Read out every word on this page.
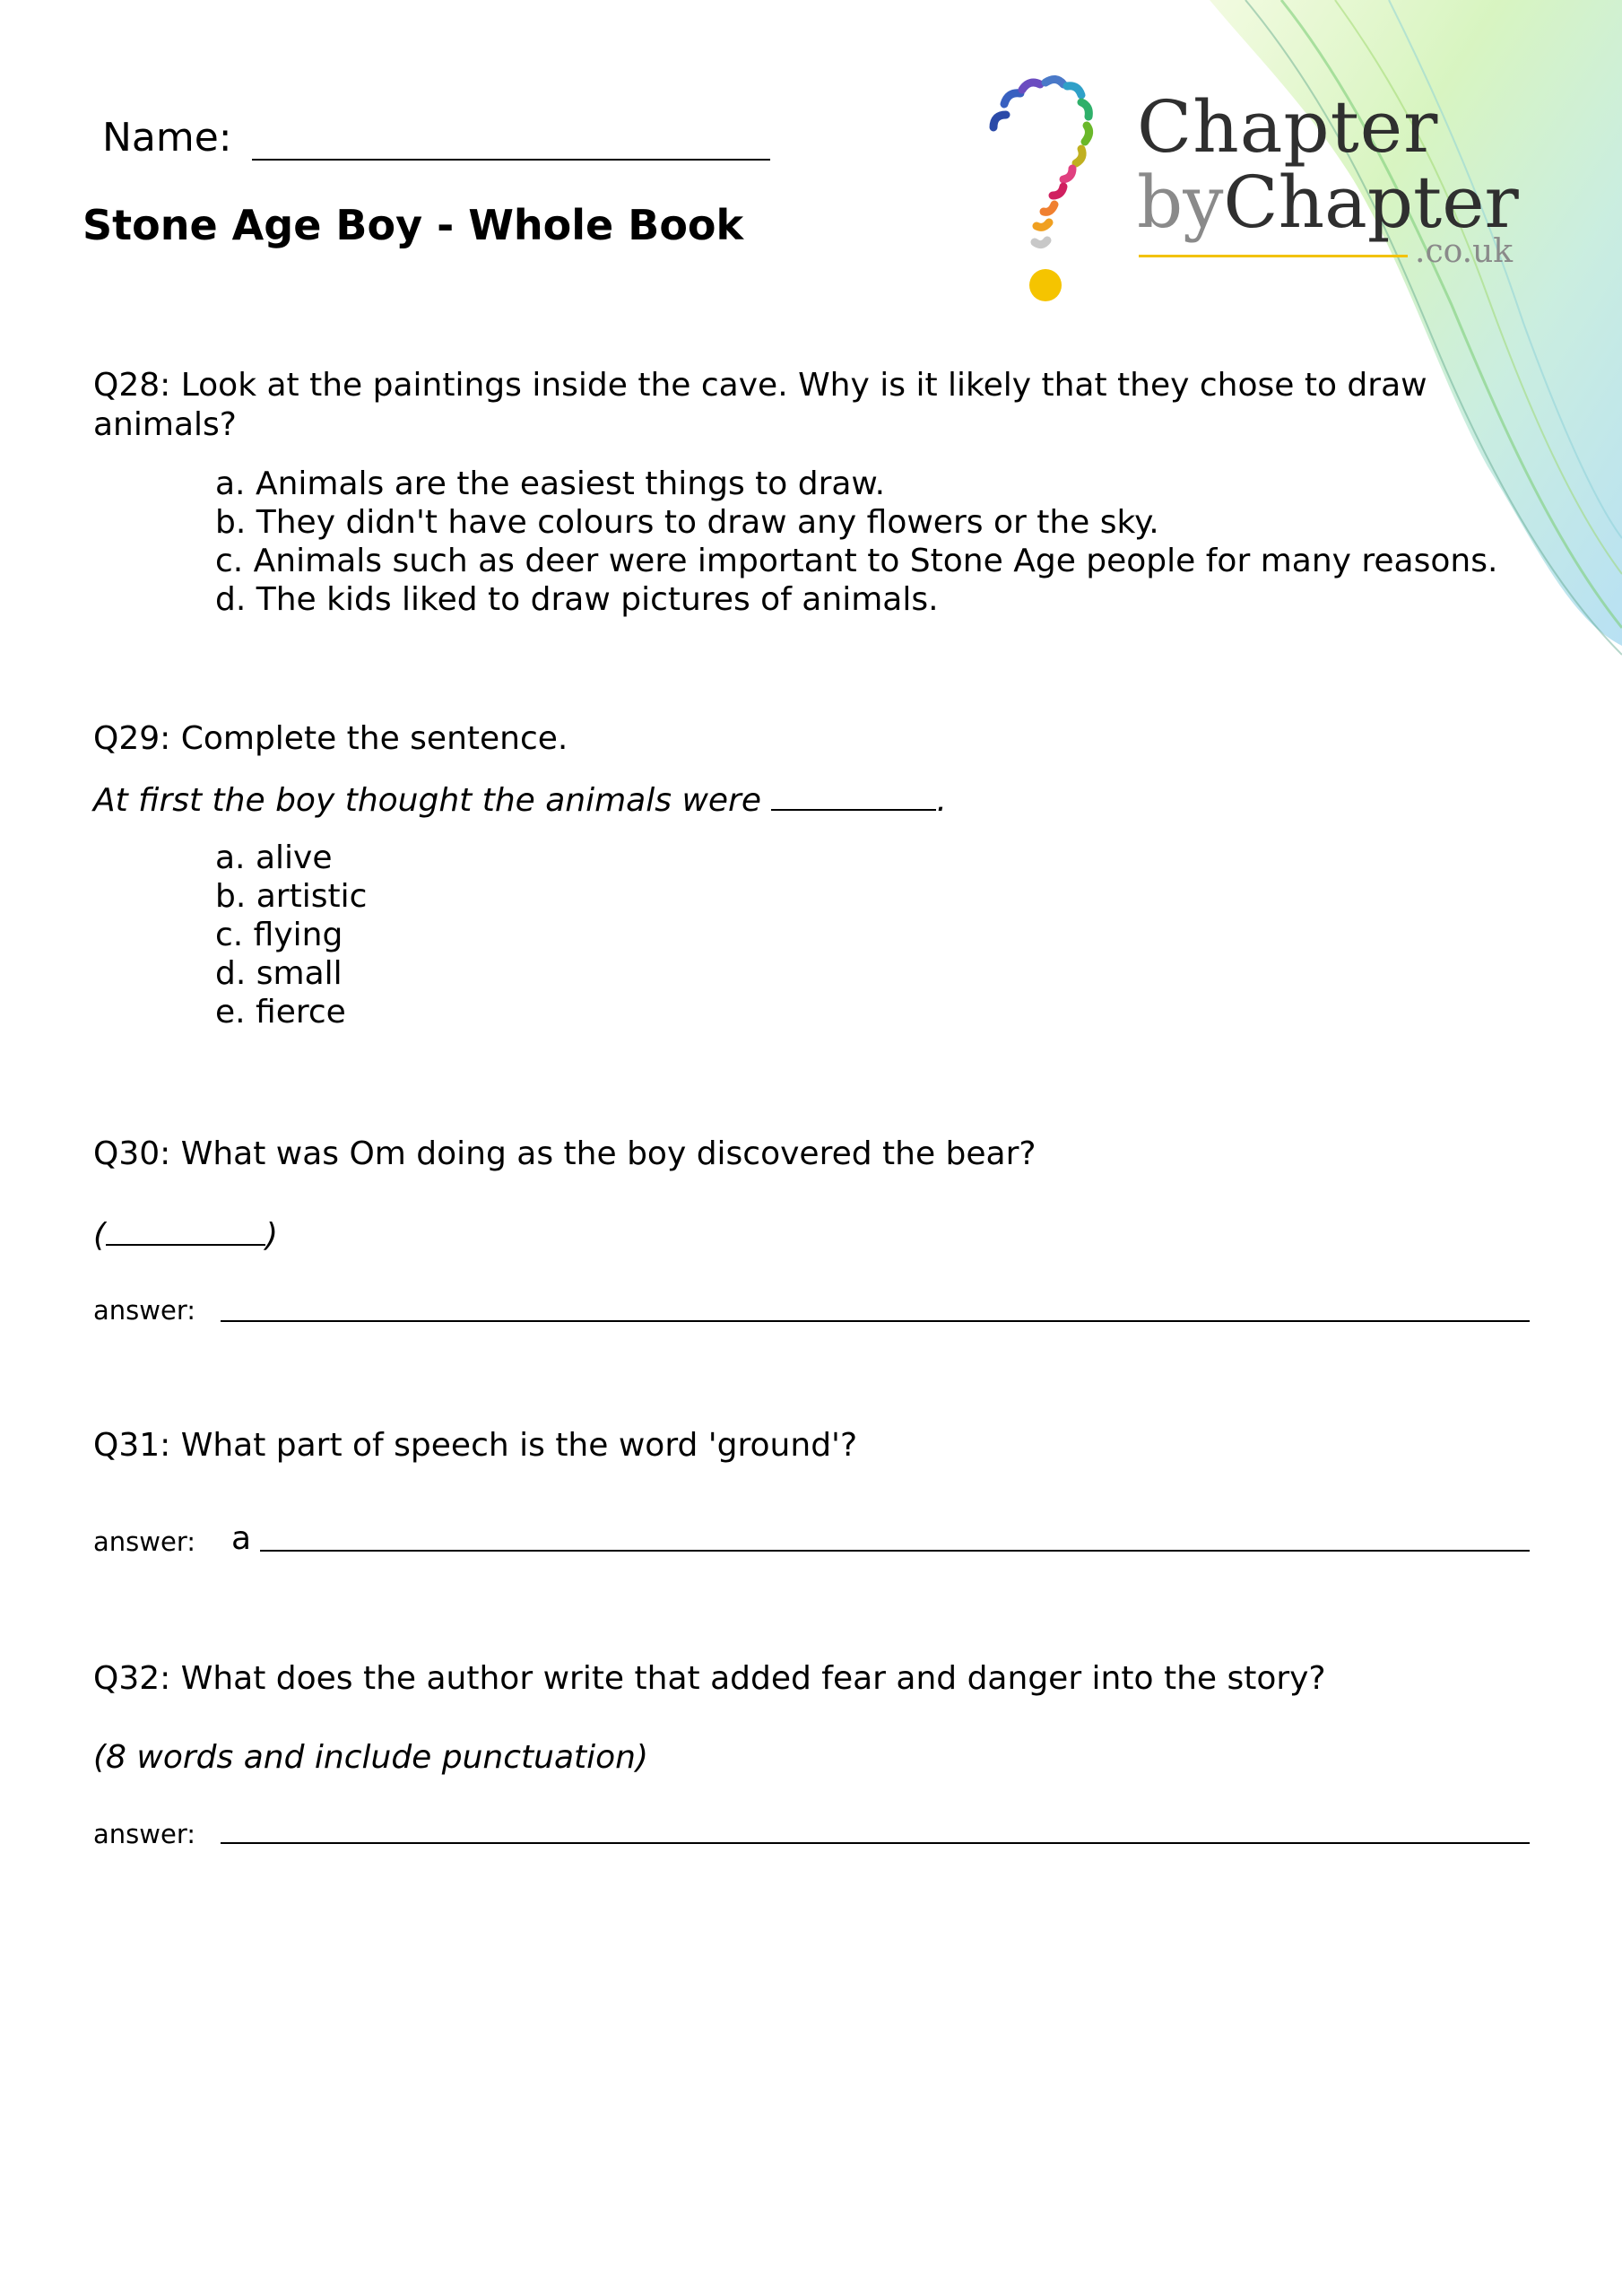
Name:
Stone Age Boy - Whole Book
Chapter
byChapter
.co.uk
Q28: Look at the paintings inside the cave. Why is it likely that they chose to draw animals?
a. Animals are the easiest things to draw.
b. They didn't have colours to draw any flowers or the sky.
c. Animals such as deer were important to Stone Age people for many reasons.
d. The kids liked to draw pictures of animals.
Q29: Complete the sentence.
At first the boy thought the animals were	.
a. alive
b. artistic
c. flying
d. small
e. fierce
Q30: What was Om doing as the boy discovered the bear?
(	)
answer:
Q31: What part of speech is the word 'ground'?
answer: a
Q32: What does the author write that added fear and danger into the story?
(8 words and include punctuation)
answer:
